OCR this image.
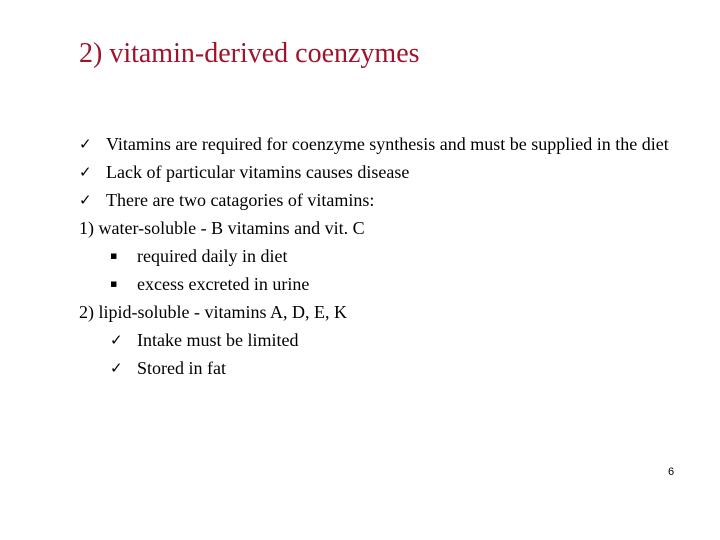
2) vitamin-derived coenzymes
✓ Vitamins are required for coenzyme synthesis and must be supplied in the diet
✓ Lack of particular vitamins causes disease
✓ There are two catagories of vitamins:
1) water-soluble - B vitamins and vit. C
▪	required daily in diet
▪	excess excreted in urine
2) lipid-soluble - vitamins A, D, E, K
✓ Intake must be limited
✓ Stored in fat
6
